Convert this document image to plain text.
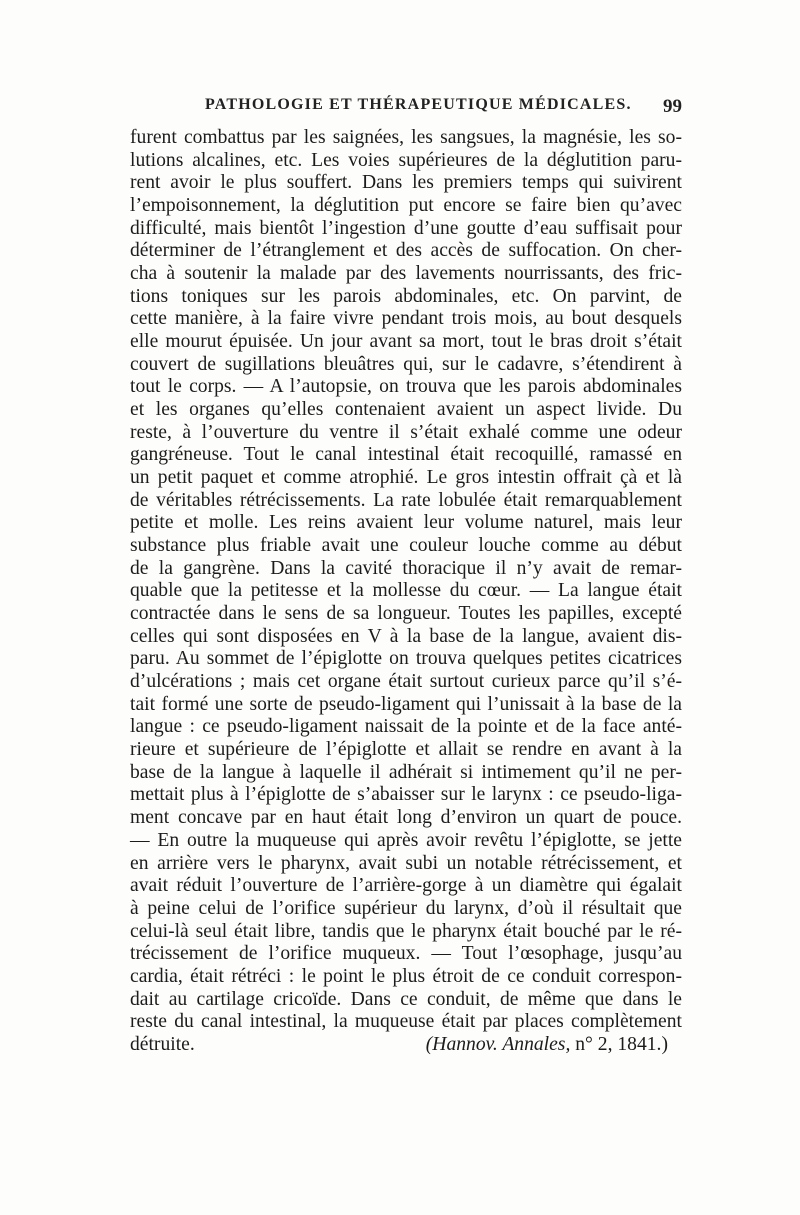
PATHOLOGIE ET THÉRAPEUTIQUE MÉDICALES. 99
furent combattus par les saignées, les sangsues, la magnésie, les so-
lutions alcalines, etc. Les voies supérieures de la déglutition paru-
rent avoir le plus souffert. Dans les premiers temps qui suivirent
l’empoisonnement, la déglutition put encore se faire bien qu’avec
difficulté, mais bientôt l’ingestion d’une goutte d’eau suffisait pour
déterminer de l’étranglement et des accès de suffocation. On cher-
cha à soutenir la malade par des lavements nourrissants, des fric-
tions toniques sur les parois abdominales, etc. On parvint, de
cette manière, à la faire vivre pendant trois mois, au bout desquels
elle mourut épuisée. Un jour avant sa mort, tout le bras droit s’était
couvert de sugillations bleuâtres qui, sur le cadavre, s’étendirent à
tout le corps. — A l’autopsie, on trouva que les parois abdominales
et les organes qu’elles contenaient avaient un aspect livide. Du
reste, à l’ouverture du ventre il s’était exhalé comme une odeur
gangréneuse. Tout le canal intestinal était recoquillé, ramassé en
un petit paquet et comme atrophié. Le gros intestin offrait çà et là
de véritables rétrécissements. La rate lobulée était remarquablement
petite et molle. Les reins avaient leur volume naturel, mais leur
substance plus friable avait une couleur louche comme au début
de la gangrène. Dans la cavité thoracique il n’y avait de remar-
quable que la petitesse et la mollesse du cœur. — La langue était
contractée dans le sens de sa longueur. Toutes les papilles, excepté
celles qui sont disposées en V à la base de la langue, avaient dis-
paru. Au sommet de l’épiglotte on trouva quelques petites cicatrices
d’ulcérations ; mais cet organe était surtout curieux parce qu’il s’é-
tait formé une sorte de pseudo-ligament qui l’unissait à la base de la
langue : ce pseudo-ligament naissait de la pointe et de la face anté-
rieure et supérieure de l’épiglotte et allait se rendre en avant à la
base de la langue à laquelle il adhérait si intimement qu’il ne per-
mettait plus à l’épiglotte de s’abaisser sur le larynx : ce pseudo-liga-
ment concave par en haut était long d’environ un quart de pouce.
— En outre la muqueuse qui après avoir revêtu l’épiglotte, se jette
en arrière vers le pharynx, avait subi un notable rétrécissement, et
avait réduit l’ouverture de l’arrière-gorge à un diamètre qui égalait
à peine celui de l’orifice supérieur du larynx, d’où il résultait que
celui-là seul était libre, tandis que le pharynx était bouché par le ré-
trécissement de l’orifice muqueux. — Tout l’œsophage, jusqu’au
cardia, était rétréci : le point le plus étroit de ce conduit correspon-
dait au cartilage cricoïde. Dans ce conduit, de même que dans le
reste du canal intestinal, la muqueuse était par places complètement
détruite.	(Hannov. Annales, n° 2, 1841.)
